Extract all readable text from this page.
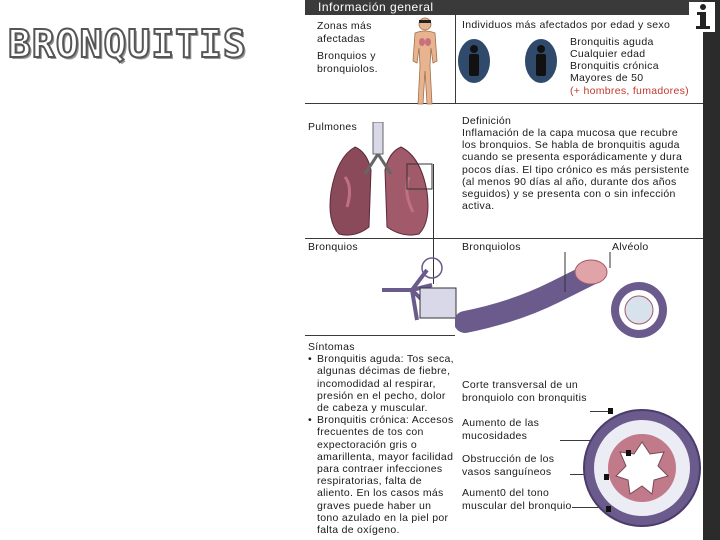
BRONQUITIS
Información general
Zonas más afectadas
Bronquios y bronquiolos.
Individuos más afectados por edad y sexo
Bronquitis aguda
Cualquier edad
Bronquitis crónica
Mayores de 50
(+ hombres, fumadores)
Pulmones	Definición
Inflamación de la capa mucosa que recubre los bronquios. Se habla de bronquitis aguda cuando se presenta esporádicamente y dura pocos días. El tipo crónico es más persistente (al menos 90 días al año, durante dos años seguidos) y se presenta con o sin infección activa.
Bronquios	Bronquiolos	Alvéolo
Síntomas
• Bronquitis aguda: Tos seca, algunas décimas de fiebre, incomodidad al respirar, presión en el pecho, dolor de cabeza y muscular.
• Bronquitis crónica: Accesos frecuentes de tos con expectoración gris o amarillenta, mayor facilidad para contraer infecciones respiratorias, falta de aliento. En los casos más graves puede haber un tono azulado en la piel por falta de oxígeno.
Corte transversal de un bronquiolo con bronquitis
Aumento de las mucosidades
Obstrucción de los vasos sanguíneos
Aument0 del tono muscular del bronquio
